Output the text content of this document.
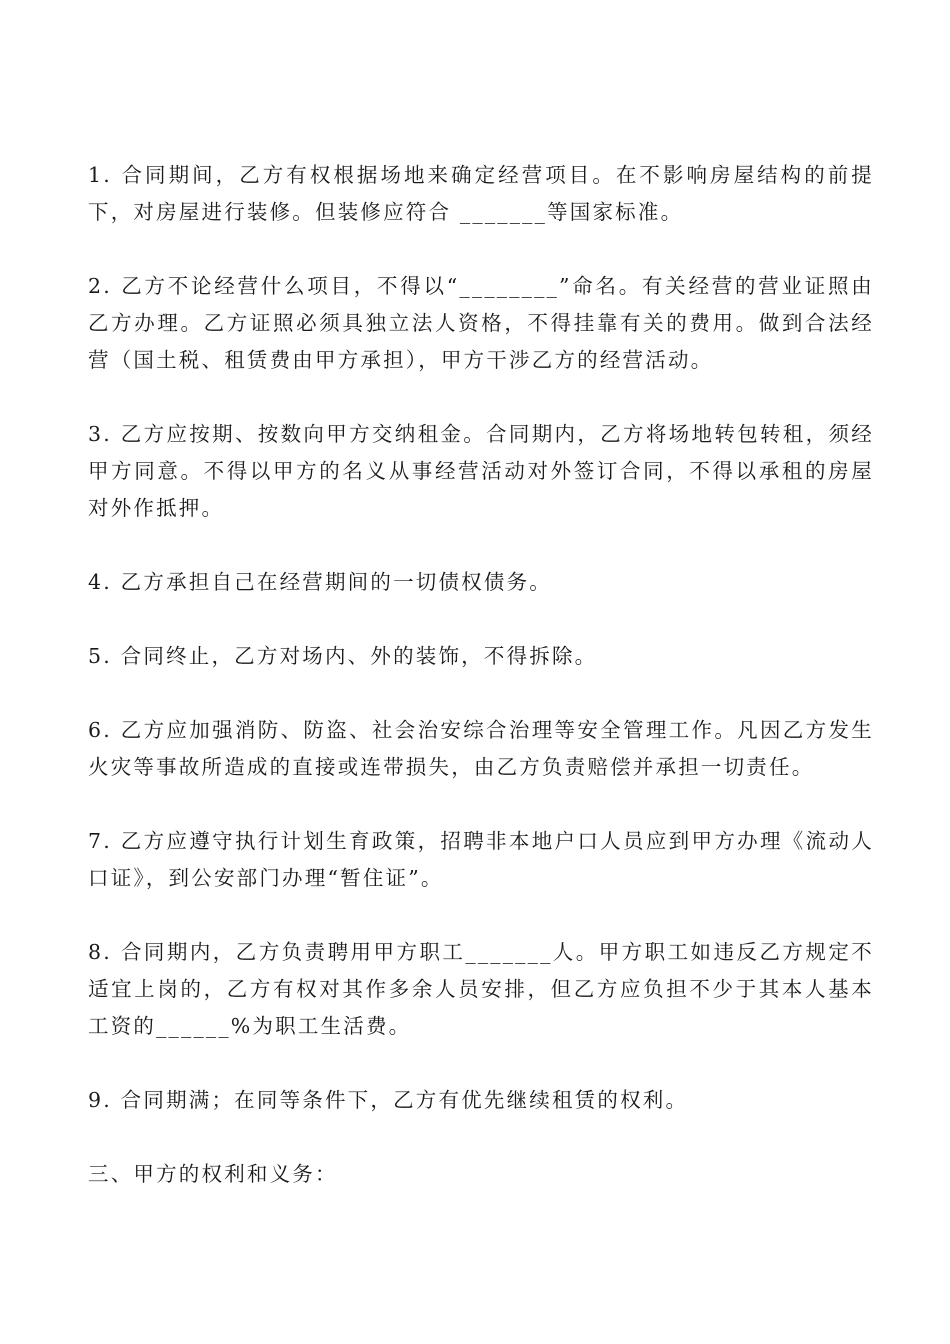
1. 合同期间，乙方有权根据场地来确定经营项目。在不影响房屋结构的前提下，对房屋进行装修。但装修应符合 _______等国家标准。

2. 乙方不论经营什么项目，不得以“________”命名。有关经营的营业证照由乙方办理。乙方证照必须具独立法人资格，不得挂靠有关的费用。做到合法经营（国土税、租赁费由甲方承担），甲方干涉乙方的经营活动。

3. 乙方应按期、按数向甲方交纳租金。合同期内，乙方将场地转包转租，须经甲方同意。不得以甲方的名义从事经营活动对外签订合同，不得以承租的房屋对外作抵押。

4. 乙方承担自己在经营期间的一切债权债务。

5. 合同终止，乙方对场内、外的装饰，不得拆除。

6. 乙方应加强消防、防盗、社会治安综合治理等安全管理工作。凡因乙方发生火灾等事故所造成的直接或连带损失，由乙方负责赔偿并承担一切责任。

7. 乙方应遵守执行计划生育政策，招聘非本地户口人员应到甲方办理《流动人口证》，到公安部门办理“暂住证”。

8. 合同期内，乙方负责聘用甲方职工_______人。甲方职工如违反乙方规定不适宜上岗的，乙方有权对其作多余人员安排，但乙方应负担不少于其本人基本工资的______%为职工生活费。

9. 合同期满；在同等条件下，乙方有优先继续租赁的权利。

三、甲方的权利和义务：
